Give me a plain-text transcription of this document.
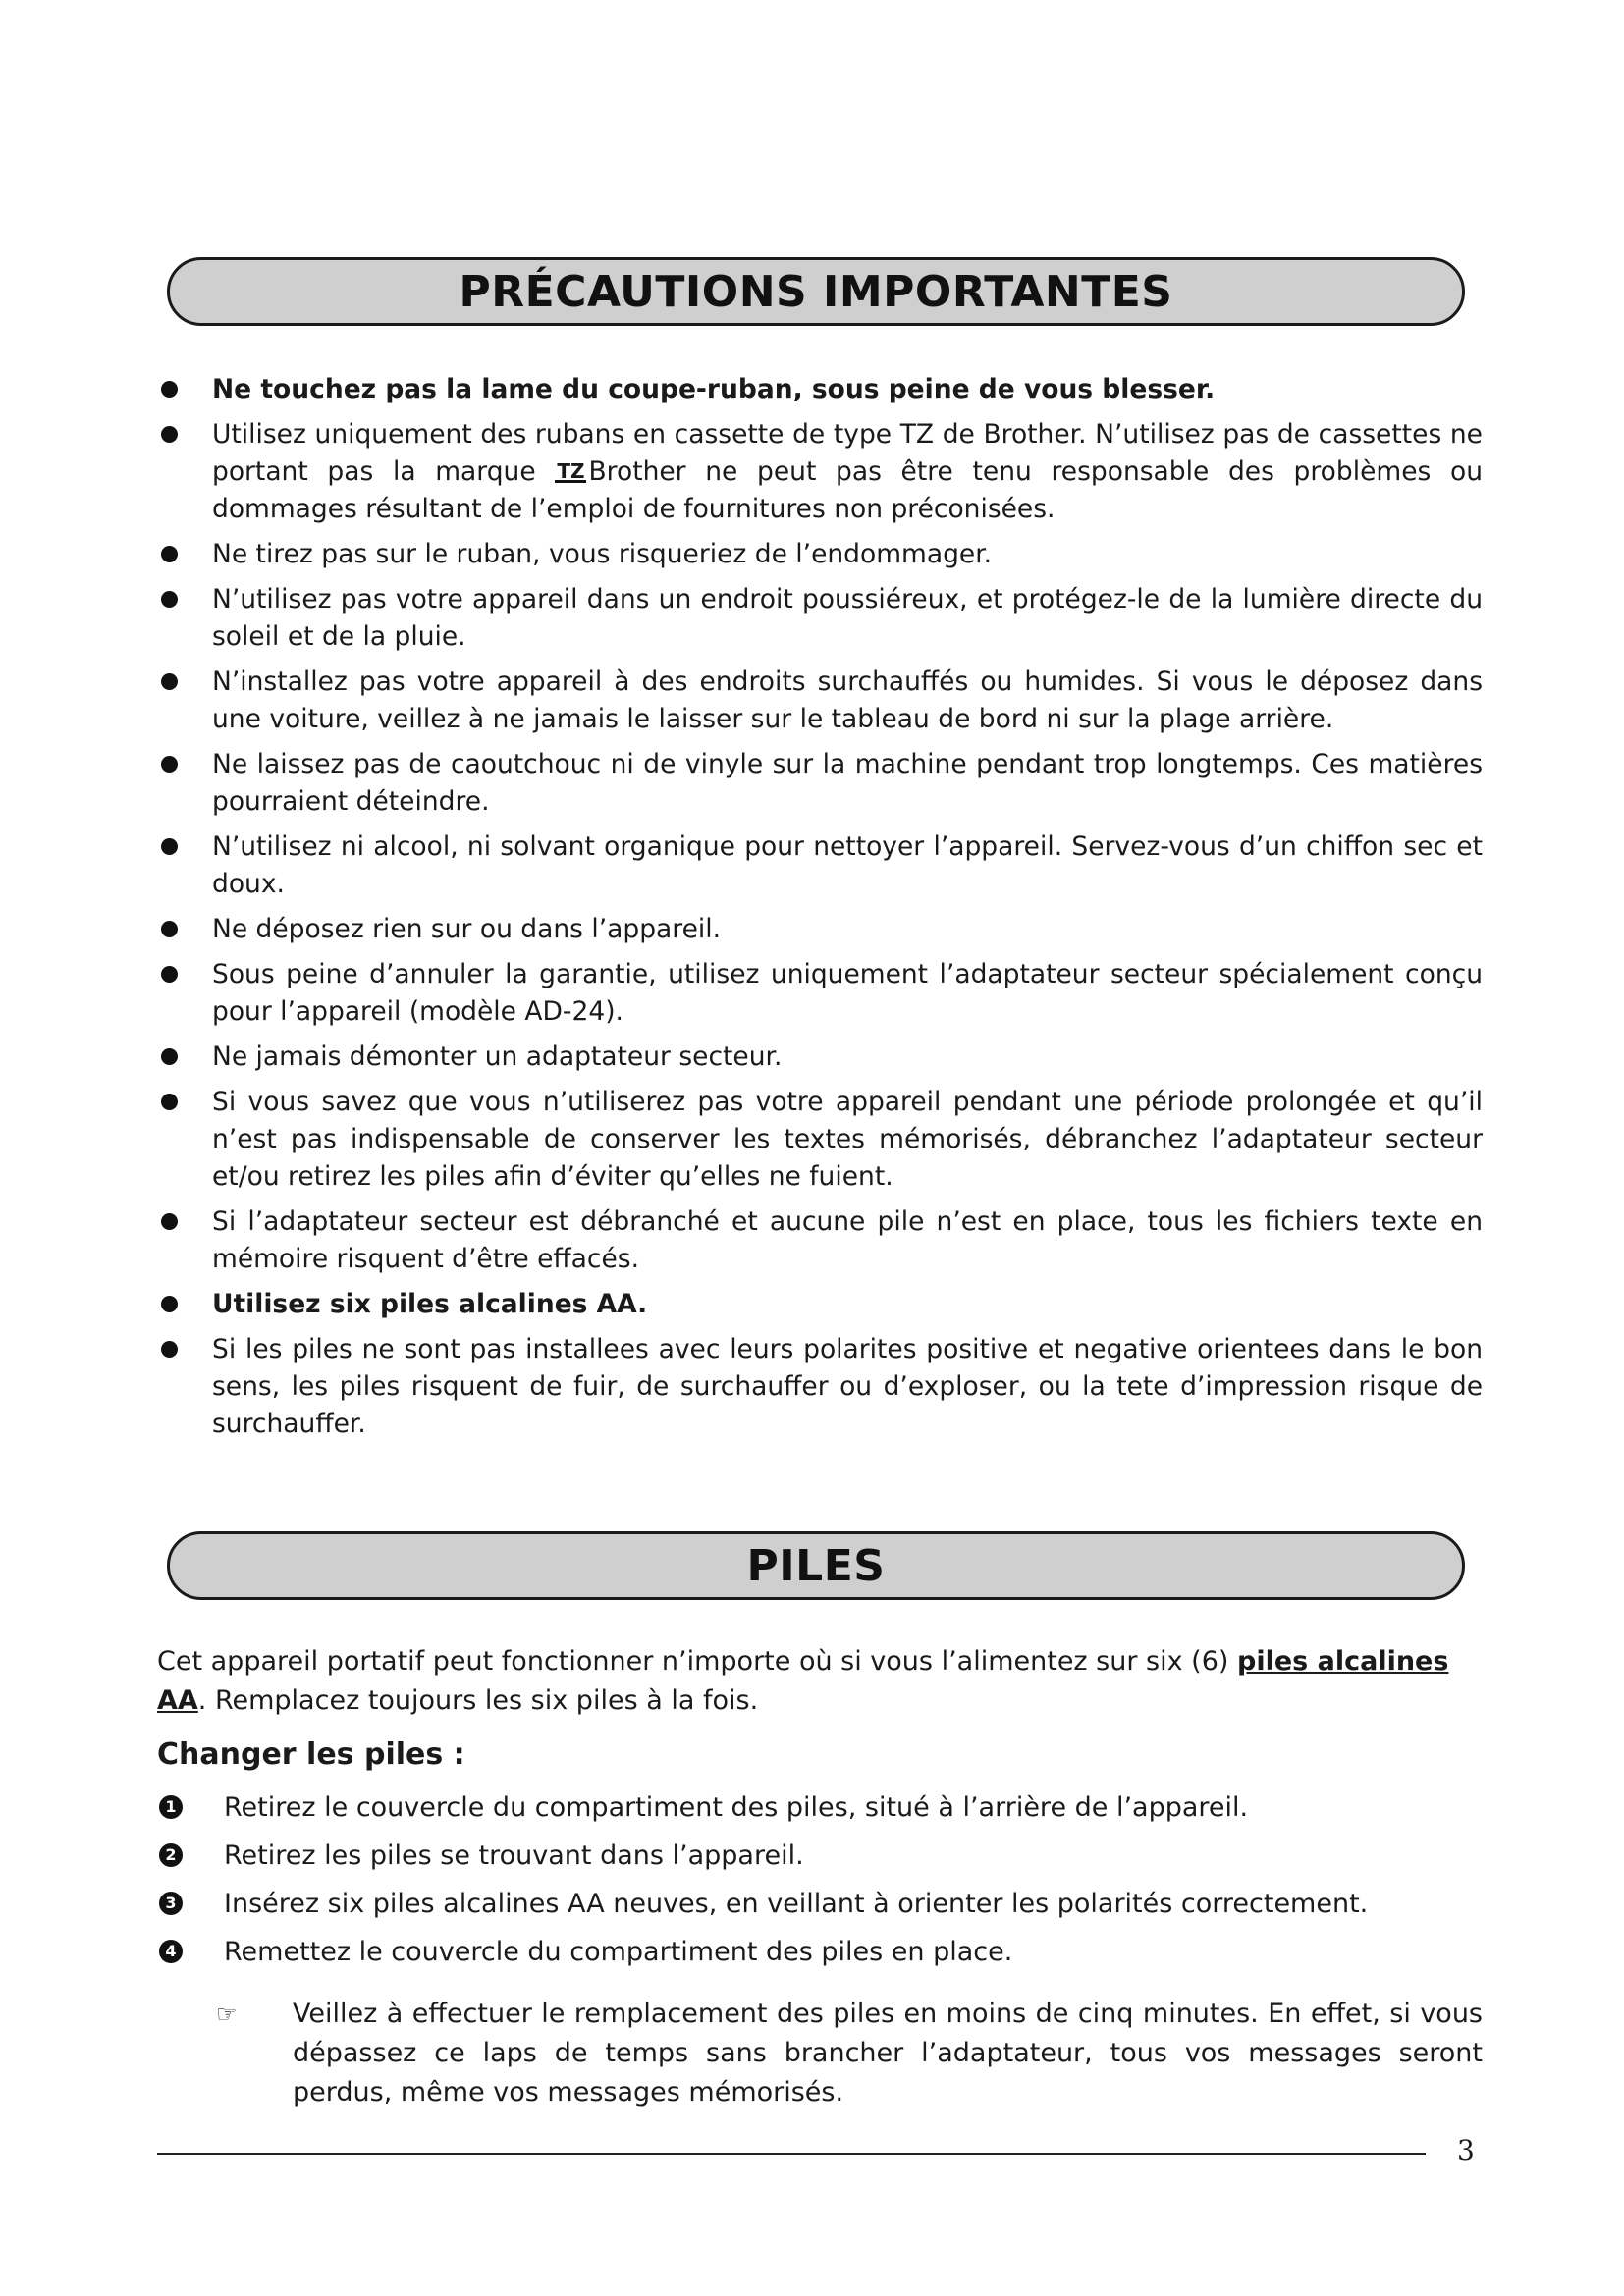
PRÉCAUTIONS IMPORTANTES
Ne touchez pas la lame du coupe-ruban, sous peine de vous blesser.
Utilisez uniquement des rubans en cassette de type TZ de Brother. N’utilisez pas de cassettes ne portant pas la marque TZ Brother ne peut pas être tenu responsable des problèmes ou dommages résultant de l’emploi de fournitures non préconisées.
Ne tirez pas sur le ruban, vous risqueriez de l’endommager.
N’utilisez pas votre appareil dans un endroit poussiéreux, et protégez-le de la lumière directe du soleil et de la pluie.
N’installez pas votre appareil à des endroits surchauffés ou humides. Si vous le déposez dans une voiture, veillez à ne jamais le laisser sur le tableau de bord ni sur la plage arrière.
Ne laissez pas de caoutchouc ni de vinyle sur la machine pendant trop longtemps. Ces matières pourraient déteindre.
N’utilisez ni alcool, ni solvant organique pour nettoyer l’appareil. Servez-vous d’un chiffon sec et doux.
Ne déposez rien sur ou dans l’appareil.
Sous peine d’annuler la garantie, utilisez uniquement l’adaptateur secteur spécialement conçu pour l’appareil (modèle AD-24).
Ne jamais démonter un adaptateur secteur.
Si vous savez que vous n’utiliserez pas votre appareil pendant une période prolongée et qu’il n’est pas indispensable de conserver les textes mémorisés, débranchez l’adaptateur secteur et/ou retirez les piles afin d’éviter qu’elles ne fuient.
Si l’adaptateur secteur est débranché et aucune pile n’est en place, tous les fichiers texte en mémoire risquent d’être effacés.
Utilisez six piles alcalines AA.
Si les piles ne sont pas installees avec leurs polarites positive et negative orientees dans le bon sens, les piles risquent de fuir, de surchauffer ou d’exploser, ou la tete d’impression risque de surchauffer.
PILES

Cet appareil portatif peut fonctionner n’importe où si vous l’alimentez sur six (6) piles alcalines AA. Remplacez toujours les six piles à la fois.

Changer les piles :
1 Retirez le couvercle du compartiment des piles, situé à l’arrière de l’appareil.
2 Retirez les piles se trouvant dans l’appareil.
3 Insérez six piles alcalines AA neuves, en veillant à orienter les polarités correctement.
4 Remettez le couvercle du compartiment des piles en place.

☞	Veillez à effectuer le remplacement des piles en moins de cinq minutes. En effet, si vous dépassez ce laps de temps sans brancher l’adaptateur, tous vos messages seront perdus, même vos messages mémorisés.

3
